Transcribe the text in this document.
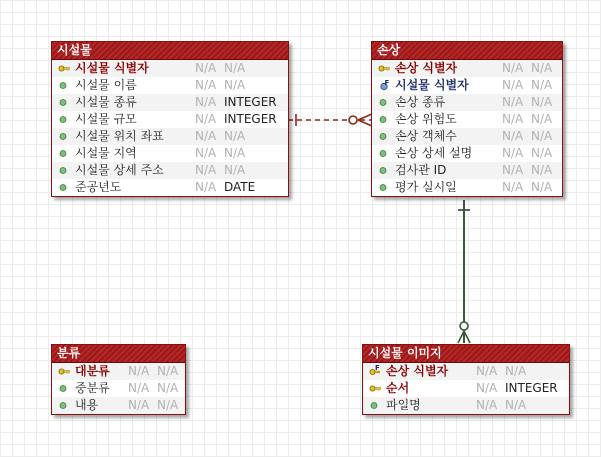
시설물
시설물 식별자	N/A N/A
시설물 이름	N/A N/A
시설물 종류	N/A INTEGER
시설물 규모	N/A INTEGER
시설물 위치 좌표	N/A N/A
시설물 지역	N/A N/A
시설물 상세 주소	N/A N/A
준공년도	N/A DATE
손상
손상 식별자	N/A N/A
F 시설물 식별자	N/A N/A
손상 종류	N/A N/A
손상 위험도	N/A N/A
손상 객체수	N/A N/A
손상 상세 설명 N/A N/A
검사관 ID	N/A N/A
평가 실시일	N/A N/A
분류
대분류 N/A N/A
중분류 N/A N/A
내용 N/A N/A
시설물 이미지
F 손상 식별자 N/A N/A
순서	N/A INTEGER
파일명	N/A N/A
